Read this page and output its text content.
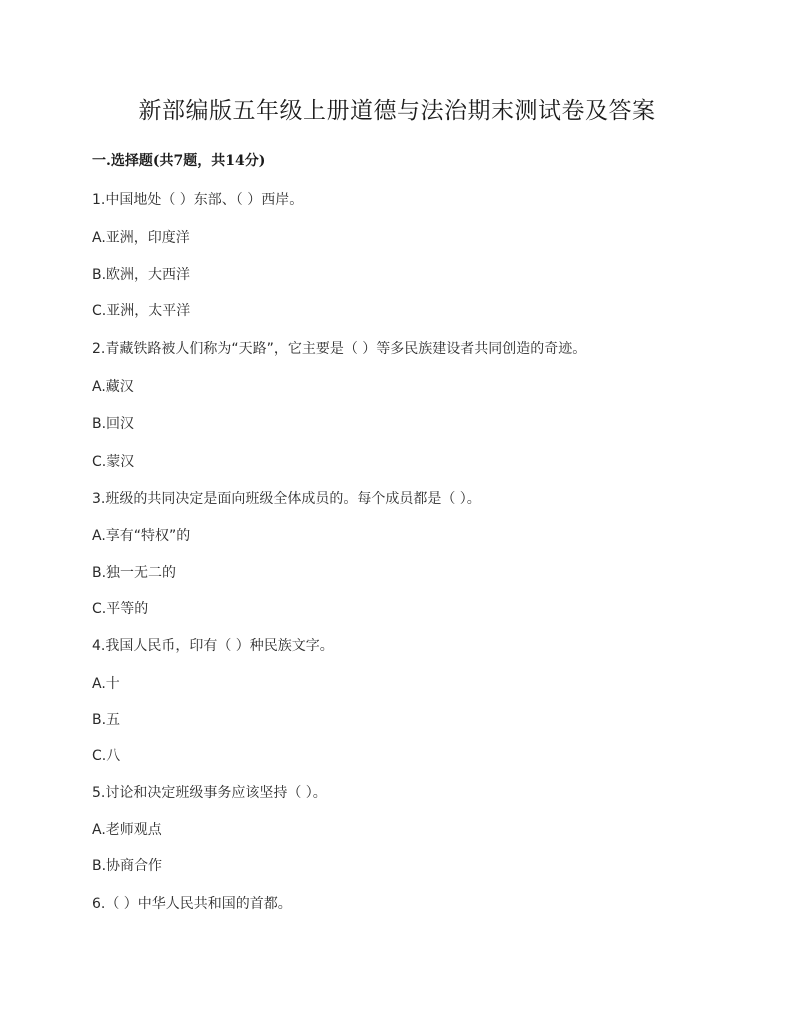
新部编版五年级上册道德与法治期末测试卷及答案
一.选择题(共7题，共14分)
1.中国地处（ ）东部、（ ）西岸。
A.亚洲，印度洋
B.欧洲，大西洋
C.亚洲，太平洋
2.青藏铁路被人们称为“天路”，它主要是（ ）等多民族建设者共同创造的奇迹。
A.藏汉
B.回汉
C.蒙汉
3.班级的共同决定是面向班级全体成员的。每个成员都是（ ）。
A.享有“特权”的
B.独一无二的
C.平等的
4.我国人民币，印有（ ）种民族文字。
A.十
B.五
C.八
5.讨论和决定班级事务应该坚持（ ）。
A.老师观点
B.协商合作
6.（ ）中华人民共和国的首都。
